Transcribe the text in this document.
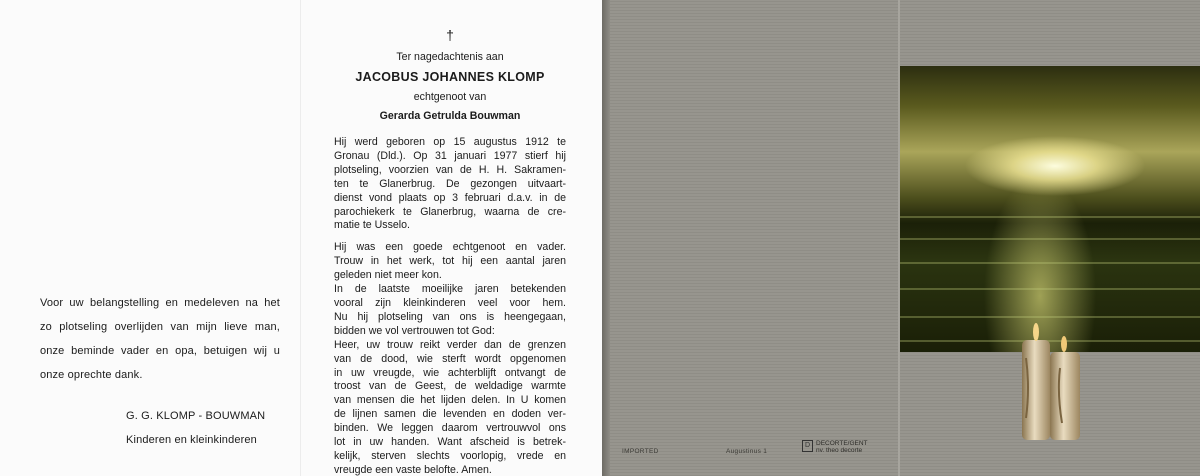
Voor uw belangstelling en medeleven na het

zo plotseling overlijden van mijn lieve man,

onze beminde vader en opa, betuigen wij u

onze oprechte dank.

G. G. KLOMP - BOUWMAN
Kinderen en kleinkinderen
†
Ter nagedachtenis aan
JACOBUS JOHANNES KLOMP
echtgenoot van
Gerarda Getrulda Bouwman
Hij werd geboren op 15 augustus 1912 te
Gronau (Dld.). Op 31 januari 1977 stierf hij
plotseling, voorzien van de H. H. Sakramen-
ten te Glanerbrug. De gezongen uitvaart-
dienst vond plaats op 3 februari d.a.v. in de
parochiekerk te Glanerbrug, waarna de cre-
matie te Usselo.
Hij was een goede echtgenoot en vader.
Trouw in het werk, tot hij een aantal jaren
geleden niet meer kon.
In de laatste moeilijke jaren betekenden
vooral zijn kleinkinderen veel voor hem.
Nu hij plotseling van ons is heengegaan,
bidden we vol vertrouwen tot God:
Heer, uw trouw reikt verder dan de grenzen
van de dood, wie sterft wordt opgenomen
in uw vreugde, wie achterblijft ontvangt de
troost van de Geest, de weldadige warmte
van mensen die het lijden delen. In U komen
de lijnen samen die levenden en doden ver-
binden. We leggen daarom vertrouwvol ons
lot in uw handen. Want afscheid is betrek-
kelijk, sterven slechts voorlopig, vrede en
vreugde een vaste belofte. Amen.
IMPORTED	Augustinus 1
D DECORTE/GENT
nv. theo decorte
